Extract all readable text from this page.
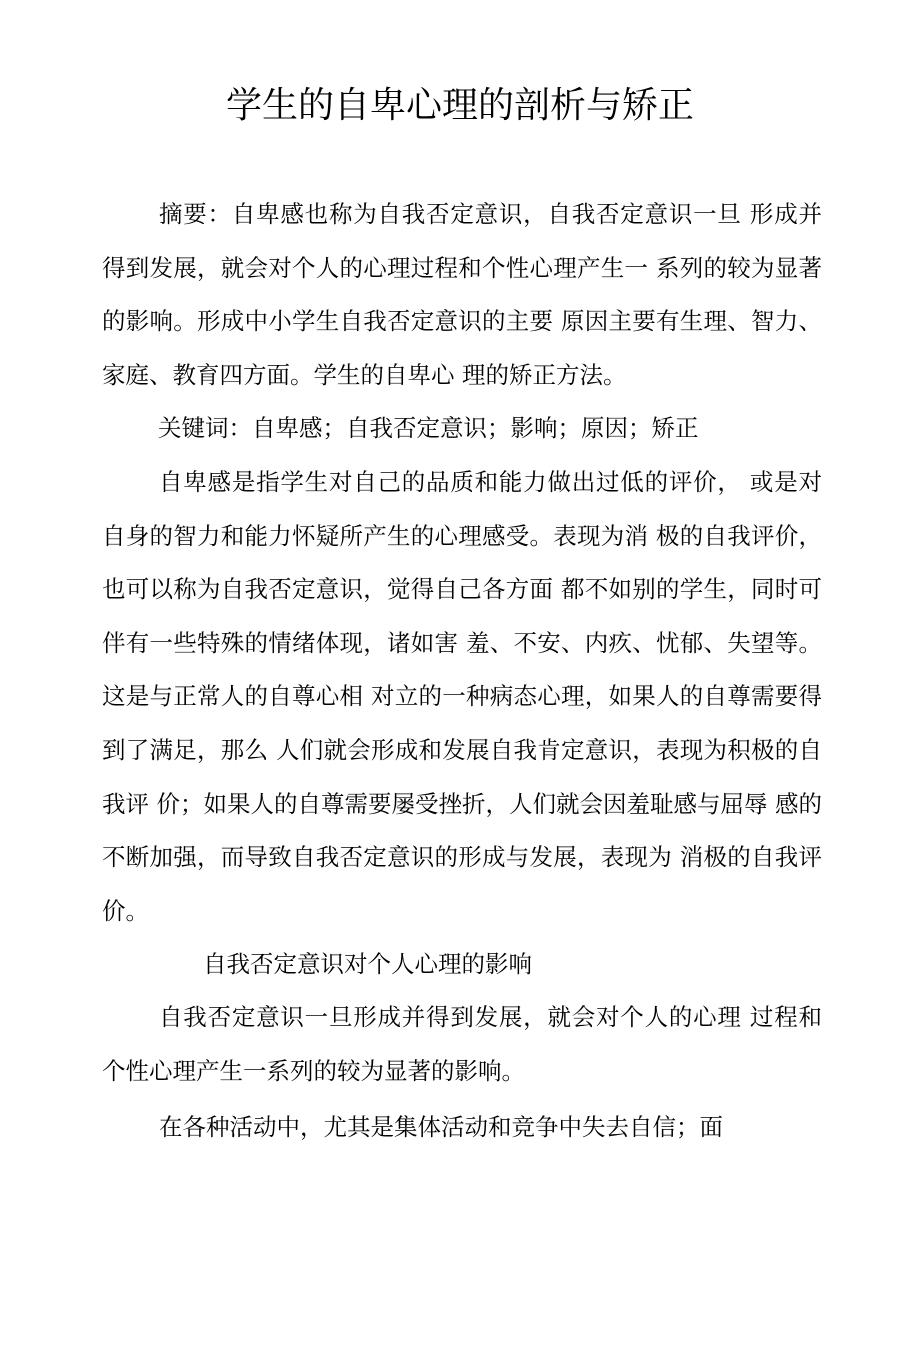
学生的自卑心理的剖析与矫正

摘要：自卑感也称为自我否定意识，自我否定意识一旦 形成并得到发展，就会对个人的心理过程和个性心理产生一 系列的较为显著的影响。形成中小学生自我否定意识的主要 原因主要有生理、智力、家庭、教育四方面。学生的自卑心 理的矫正方法。

关键词：自卑感；自我否定意识；影响；原因；矫正

自卑感是指学生对自己的品质和能力做出过低的评价， 或是对自身的智力和能力怀疑所产生的心理感受。表现为消 极的自我评价，也可以称为自我否定意识，觉得自己各方面 都不如别的学生，同时可伴有一些特殊的情绪体现，诸如害 羞、不安、内疚、忧郁、失望等。这是与正常人的自尊心相 对立的一种病态心理，如果人的自尊需要得到了满足，那么 人们就会形成和发展自我肯定意识，表现为积极的自我评 价；如果人的自尊需要屡受挫折，人们就会因羞耻感与屈辱 感的不断加强，而导致自我否定意识的形成与发展，表现为 消极的自我评价。

自我否定意识对个人心理的影响

自我否定意识一旦形成并得到发展，就会对个人的心理 过程和个性心理产生一系列的较为显著的影响。

在各种活动中，尤其是集体活动和竞争中失去自信；面
